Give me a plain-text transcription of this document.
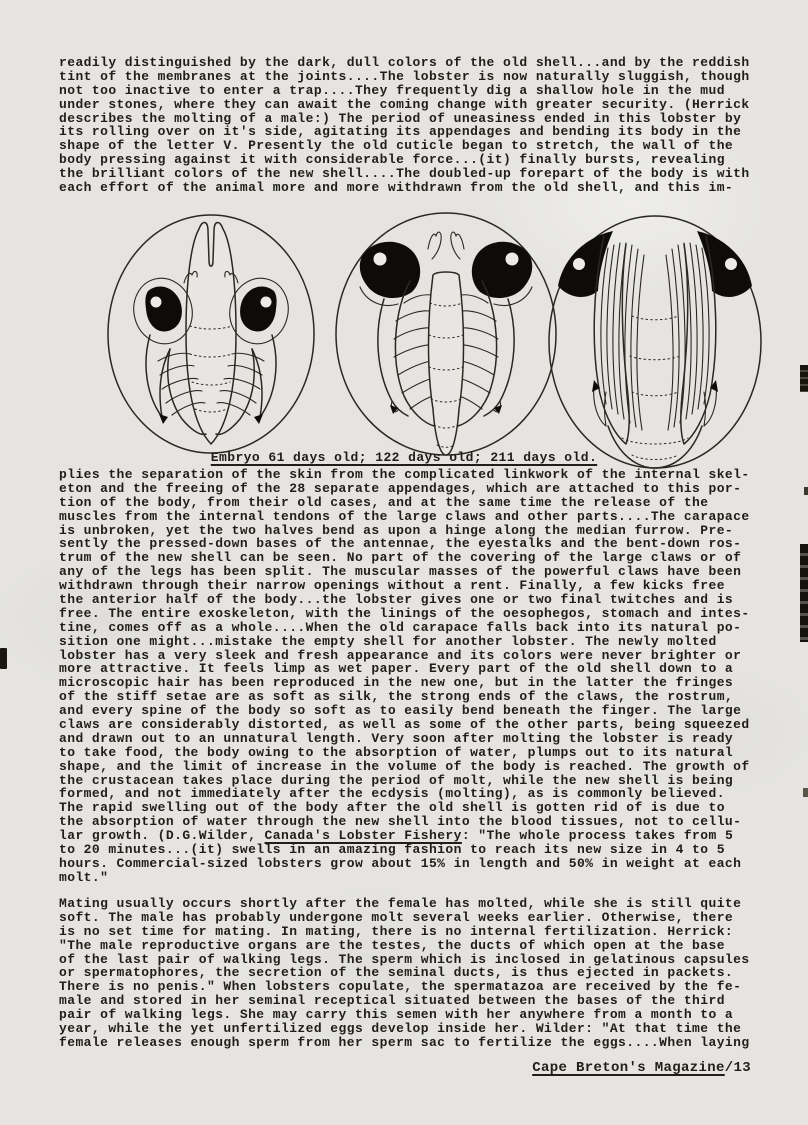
readily distinguished by the dark, dull colors of the old shell...and by the reddish
tint of the membranes at the joints....The lobster is now naturally sluggish, though
not too inactive to enter a trap....They frequently dig a shallow hole in the mud
under stones, where they can await the coming change with greater security. (Herrick
describes the molting of a male:) The period of uneasiness ended in this lobster by
its rolling over on it's side, agitating its appendages and bending its body in the
shape of the letter V. Presently the old cuticle began to stretch, the wall of the
body pressing against it with considerable force...(it) finally bursts, revealing
the brilliant colors of the new shell....The doubled-up forepart of the body is with
each effort of the animal more and more withdrawn from the old shell, and this im-
Embryo 61 days old; 122 days old; 211 days old.
plies the separation of the skin from the complicated linkwork of the internal skel-
eton and the freeing of the 28 separate appendages, which are attached to this por-
tion of the body, from their old cases, and at the same time the release of the
muscles from the internal tendons of the large claws and other parts....The carapace
is unbroken, yet the two halves bend as upon a hinge along the median furrow. Pre-
sently the pressed-down bases of the antennae, the eyestalks and the bent-down ros-
trum of the new shell can be seen. No part of the covering of the large claws or of
any of the legs has been split. The muscular masses of the powerful claws have been
withdrawn through their narrow openings without a rent. Finally, a few kicks free
the anterior half of the body...the lobster gives one or two final twitches and is
free. The entire exoskeleton, with the linings of the oesophegos, stomach and intes-
tine, comes off as a whole....When the old carapace falls back into its natural po-
sition one might...mistake the empty shell for another lobster. The newly molted
lobster has a very sleek and fresh appearance and its colors were never brighter or
more attractive. It feels limp as wet paper. Every part of the old shell down to a
microscopic hair has been reproduced in the new one, but in the latter the fringes
of the stiff setae are as soft as silk, the strong ends of the claws, the rostrum,
and every spine of the body so soft as to easily bend beneath the finger. The large
claws are considerably distorted, as well as some of the other parts, being squeezed
and drawn out to an unnatural length. Very soon after molting the lobster is ready
to take food, the body owing to the absorption of water, plumps out to its natural
shape, and the limit of increase in the volume of the body is reached. The growth of
the crustacean takes place during the period of molt, while the new shell is being
formed, and not immediately after the ecdysis (molting), as is commonly believed.
The rapid swelling out of the body after the old shell is gotten rid of is due to
the absorption of water through the new shell into the blood tissues, not to cellu-
lar growth. (D.G.Wilder, Canada's Lobster Fishery: "The whole process takes from 5
to 20 minutes...(it) swells in an amazing fashion to reach its new size in 4 to 5
hours. Commercial-sized lobsters grow about 15% in length and 50% in weight at each
molt."
Mating usually occurs shortly after the female has molted, while she is still quite
soft. The male has probably undergone molt several weeks earlier. Otherwise, there
is no set time for mating. In mating, there is no internal fertilization. Herrick:
"The male reproductive organs are the testes, the ducts of which open at the base
of the last pair of walking legs. The sperm which is inclosed in gelatinous capsules
or spermatophores, the secretion of the seminal ducts, is thus ejected in packets.
There is no penis." When lobsters copulate, the spermatazoa are received by the fe-
male and stored in her seminal receptical situated between the bases of the third
pair of walking legs. She may carry this semen with her anywhere from a month to a
year, while the yet unfertilized eggs develop inside her. Wilder: "At that time the
female releases enough sperm from her sperm sac to fertilize the eggs....When laying
Cape Breton's Magazine/13
